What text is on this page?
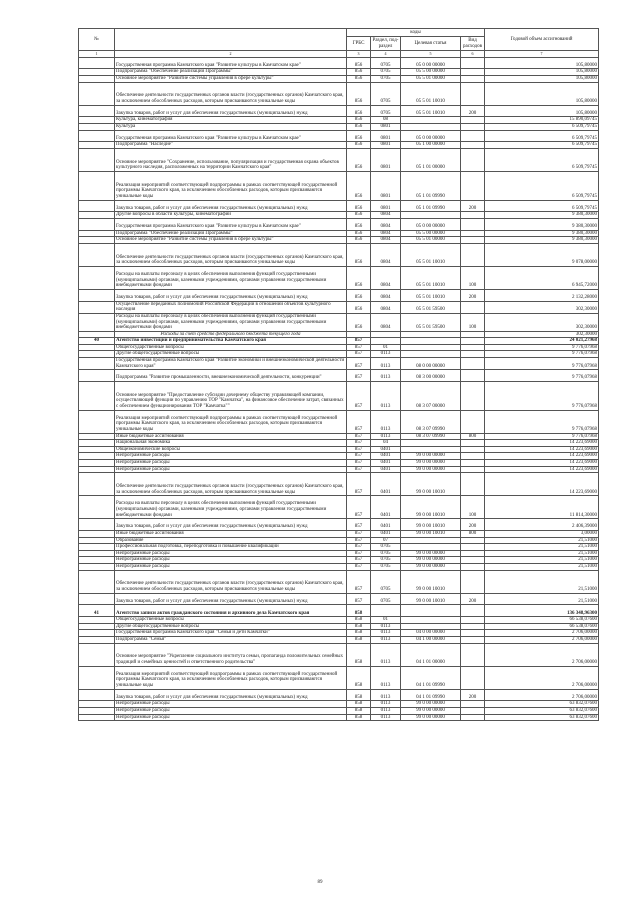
№		коды				Годовой объем ассигнований
		ГРБС	Раздел, под-раздел	Целевая статья	Вид расходов	
1	2	3	4	5	6	7
	Государственная программа Камчатского края "Развитие культуры в Камчатском крае"	856	0705	05 0 00 00000		105,80000
	Подпрограмма "Обеспечение реализации Программы"	856	0705	05 5 00 00000		105,80000
	Основное мероприятие "Развитие системы управления в сфере культуры"	856	0705	05 5 01 00000		105,80000
	Обеспечение деятельности государственных органов власти (государственных органов) Камчатского края, за исключением обособленных расходов, которым присваиваются уникальные коды	856	0705	05 5 01 10010		105,80000
	Закупка товаров, работ и услуг для обеспечения государственных (муниципальных) нужд	856	0705	05 5 01 10010	200	105,80000
	Культура, кинематография	856	08			15 890,09745
	Культура	856	0801			6 509,79745
	Государственная программа Камчатского края "Развитие культуры в Камчатском крае"	856	0801	05 0 00 00000		6 509,79745
	Подпрограмма "Наследие"	856	0801	05 1 00 00000		6 509,79745
	Основное мероприятие "Сохранение, использование, популяризация и государственная охрана объектов культурного наследия, расположенных на территории Камчатского края"	856	0801	05 1 01 00000		6 509,79745
	Реализация мероприятий соответствующей подпрограммы в рамках соответствующей государственной программы Камчатского края, за исключением обособленных расходов, которым присваиваются уникальные коды	856	0801	05 1 01 09990		6 509,79745
	Закупка товаров, работ и услуг для обеспечения государственных (муниципальных) нужд	856	0801	05 1 01 09990	200	6 509,79745
	Другие вопросы в области культуры, кинематографии	856	0804			9 380,30000
	Государственная программа Камчатского края "Развитие культуры в Камчатском крае"	856	0804	05 0 00 00000		9 380,30000
	Подпрограмма "Обеспечение реализации Программы"	856	0804	05 5 00 00000		9 380,30000
	Основное мероприятие "Развитие системы управления в сфере культуры"	856	0804	05 5 01 00000		9 380,30000
	Обеспечение деятельности государственных органов власти (государственных органов) Камчатского края, за исключением обособленных расходов, которым присваиваются уникальные коды	856	0804	05 5 01 10010		9 078,00000
	Расходы на выплаты персоналу в целях обеспечения выполнения функций государственными (муниципальными) органами, казенными учреждениями, органами управления государственными внебюджетными фондами	856	0804	05 5 01 10010	100	6 945,72000
	Закупка товаров, работ и услуг для обеспечения государственных (муниципальных) нужд	856	0804	05 5 01 10010	200	2 132,28000
	Осуществление переданных полномочий Российской Федерации в отношении объектов культурного наследия	856	0804	05 5 01 59500		302,30000
	Расходы на выплаты персоналу в целях обеспечения выполнения функций государственными (муниципальными) органами, казенными учреждениями, органами управления государственными внебюджетными фондами	856	0804	05 5 01 59500	100	302,30000
	Расходы за счет средств федерального бюджета текущего года					302,30000
40	Агентство инвестиций и предпринимательства Камчатского края	857				24 021,27968
	Общегосударственные вопросы	857	01			9 776,07968
	Другие общегосударственные вопросы	857	0113			9 776,07968
	Государственная программа Камчатского края "Развитие экономики и внешнеэкономической деятельности Камчатского края"	857	0113	08 0 00 00000		9 776,07968
	Подпрограмма "Развитие промышленности, внешнеэкономической деятельности, конкуренции"	857	0113	08 3 00 00000		9 776,07968
	Основное мероприятие "Предоставление субсидии дочернему обществу управляющей компании, осуществляющей функции по управлению ТОР "Камчатка", на финансовое обеспечение затрат, связанных с обеспечением функционирования ТОР "Камчатка""	857	0113	08 3 07 00000		9 776,07968
	Реализация мероприятий соответствующей подпрограммы в рамках соответствующей государственной программы Камчатского края, за исключением обособленных расходов, которым присваиваются уникальные коды	857	0113	08 3 07 09990		9 776,07968
	Иные бюджетные ассигнования	857	0113	08 3 07 09990	800	9 776,07968
	Национальная экономика	857	04			14 223,69000
	Общеэкономические вопросы	857	0401			14 223,69000
	Непрограммные расходы	857	0401	99 0 00 00000		14 223,69000
	Непрограммные расходы	857	0401	99 0 00 00000		14 223,69000
	Непрограммные расходы	857	0401	99 0 00 00000		14 223,69000
	Обеспечение деятельности государственных органов власти (государственных органов) Камчатского края, за исключением обособленных расходов, которым присваиваются уникальные коды	857	0401	99 0 00 10010		14 223,69000
	Расходы на выплаты персоналу в целях обеспечения выполнения функций государственными (муниципальными) органами, казенными учреждениями, органами управления государственными внебюджетными фондами	857	0401	99 0 00 10010	100	11 814,30000
	Закупка товаров, работ и услуг для обеспечения государственных (муниципальных) нужд	857	0401	99 0 00 10010	200	2 406,39000
	Иные бюджетные ассигнования	857	0401	99 0 00 10010	800	3,00000
	Образование	857	07			21,51000
	Профессиональная подготовка, переподготовка и повышение квалификации	857	0705			21,51000
	Непрограммные расходы	857	0705	99 0 00 00000		21,51000
	Непрограммные расходы	857	0705	99 0 00 00000		21,51000
	Непрограммные расходы	857	0705	99 0 00 00000		21,51000
	Обеспечение деятельности государственных органов власти (государственных органов) Камчатского края, за исключением обособленных расходов, которым присваиваются уникальные коды	857	0705	99 0 00 10010		21,51000
	Закупка товаров, работ и услуг для обеспечения государственных (муниципальных) нужд	857	0705	99 0 00 10010	200	21,51000
41	Агентство записи актов гражданского состояния и архивного дела Камчатского края	858				136 348,96300
	Общегосударственные вопросы	858	01			66 538,07600
	Другие общегосударственные вопросы	858	0113			66 538,07600
	Государственная программа Камчатского края "Семья и дети Камчатки"	858	0113	04 0 00 00000		2 706,00000
	Подпрограмма "Семья"	858	0113	04 1 00 00000		2 706,00000
	Основное мероприятие "Укрепление социального института семьи, пропаганда положительных семейных традиций и семейных ценностей и ответственного родительства"	858	0113	04 1 01 00000		2 706,00000
	Реализация мероприятий соответствующей подпрограммы в рамках соответствующей государственной программы Камчатского края, за исключением обособленных расходов, которым присваиваются уникальные коды	858	0113	04 1 01 09990		2 706,00000
	Закупка товаров, работ и услуг для обеспечения государственных (муниципальных) нужд	858	0113	04 1 01 09990	200	2 706,00000
	Непрограммные расходы	858	0113	99 0 00 00000		63 832,07600
	Непрограммные расходы	858	0113	99 0 00 00000		63 832,07600
	Непрограммные расходы	858	0113	99 0 00 00000		63 832,07600
89
